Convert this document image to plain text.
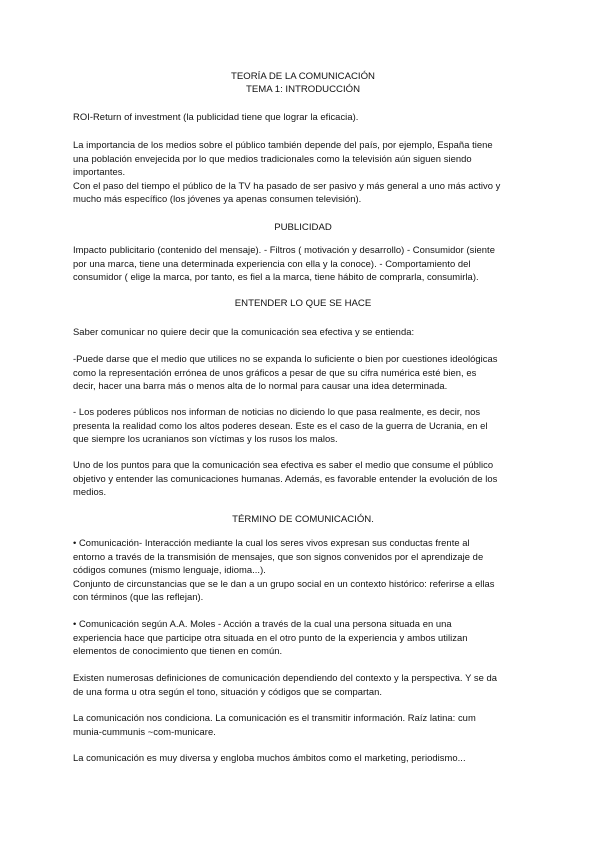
TEORÍA DE LA COMUNICACIÓN
TEMA 1: INTRODUCCIÓN

ROI-Return of investment (la publicidad tiene que lograr la eficacia).

La importancia de los medios sobre el público también depende del país, por ejemplo, España tiene
una población envejecida por lo que medios tradicionales como la televisión aún siguen siendo
importantes.
Con el paso del tiempo el público de la TV ha pasado de ser pasivo y más general a uno más activo y
mucho más específico (los jóvenes ya apenas consumen televisión).

PUBLICIDAD

Impacto publicitario (contenido del mensaje). - Filtros ( motivación y desarrollo) - Consumidor (siente
por una marca, tiene una determinada experiencia con ella y la conoce). - Comportamiento del
consumidor ( elige la marca, por tanto, es fiel a la marca, tiene hábito de comprarla, consumirla).

ENTENDER LO QUE SE HACE

Saber comunicar no quiere decir que la comunicación sea efectiva y se entienda:

-Puede darse que el medio que utilices no se expanda lo suficiente o bien por cuestiones ideológicas
como la representación errónea de unos gráficos a pesar de que su cifra numérica esté bien, es
decir, hacer una barra más o menos alta de lo normal para causar una idea determinada.

- Los poderes públicos nos informan de noticias no diciendo lo que pasa realmente, es decir, nos
presenta la realidad como los altos poderes desean. Este es el caso de la guerra de Ucrania, en el
que siempre los ucranianos son víctimas y los rusos los malos.

Uno de los puntos para que la comunicación sea efectiva es saber el medio que consume el público
objetivo y entender las comunicaciones humanas. Además, es favorable entender la evolución de los
medios.

TÉRMINO DE COMUNICACIÓN.

• Comunicación- Interacción mediante la cual los seres vivos expresan sus conductas frente al
entorno a través de la transmisión de mensajes, que son signos convenidos por el aprendizaje de
códigos comunes (mismo lenguaje, idioma...).
Conjunto de circunstancias que se le dan a un grupo social en un contexto histórico: referirse a ellas
con términos (que las reflejan).

• Comunicación según A.A. Moles - Acción a través de la cual una persona situada en una
experiencia hace que participe otra situada en el otro punto de la experiencia y ambos utilizan
elementos de conocimiento que tienen en común.

Existen numerosas definiciones de comunicación dependiendo del contexto y la perspectiva. Y se da
de una forma u otra según el tono, situación y códigos que se compartan.

La comunicación nos condiciona. La comunicación es el transmitir información. Raíz latina: cum
munia-cummunis ~com-municare.

La comunicación es muy diversa y engloba muchos ámbitos como el marketing, periodismo...
